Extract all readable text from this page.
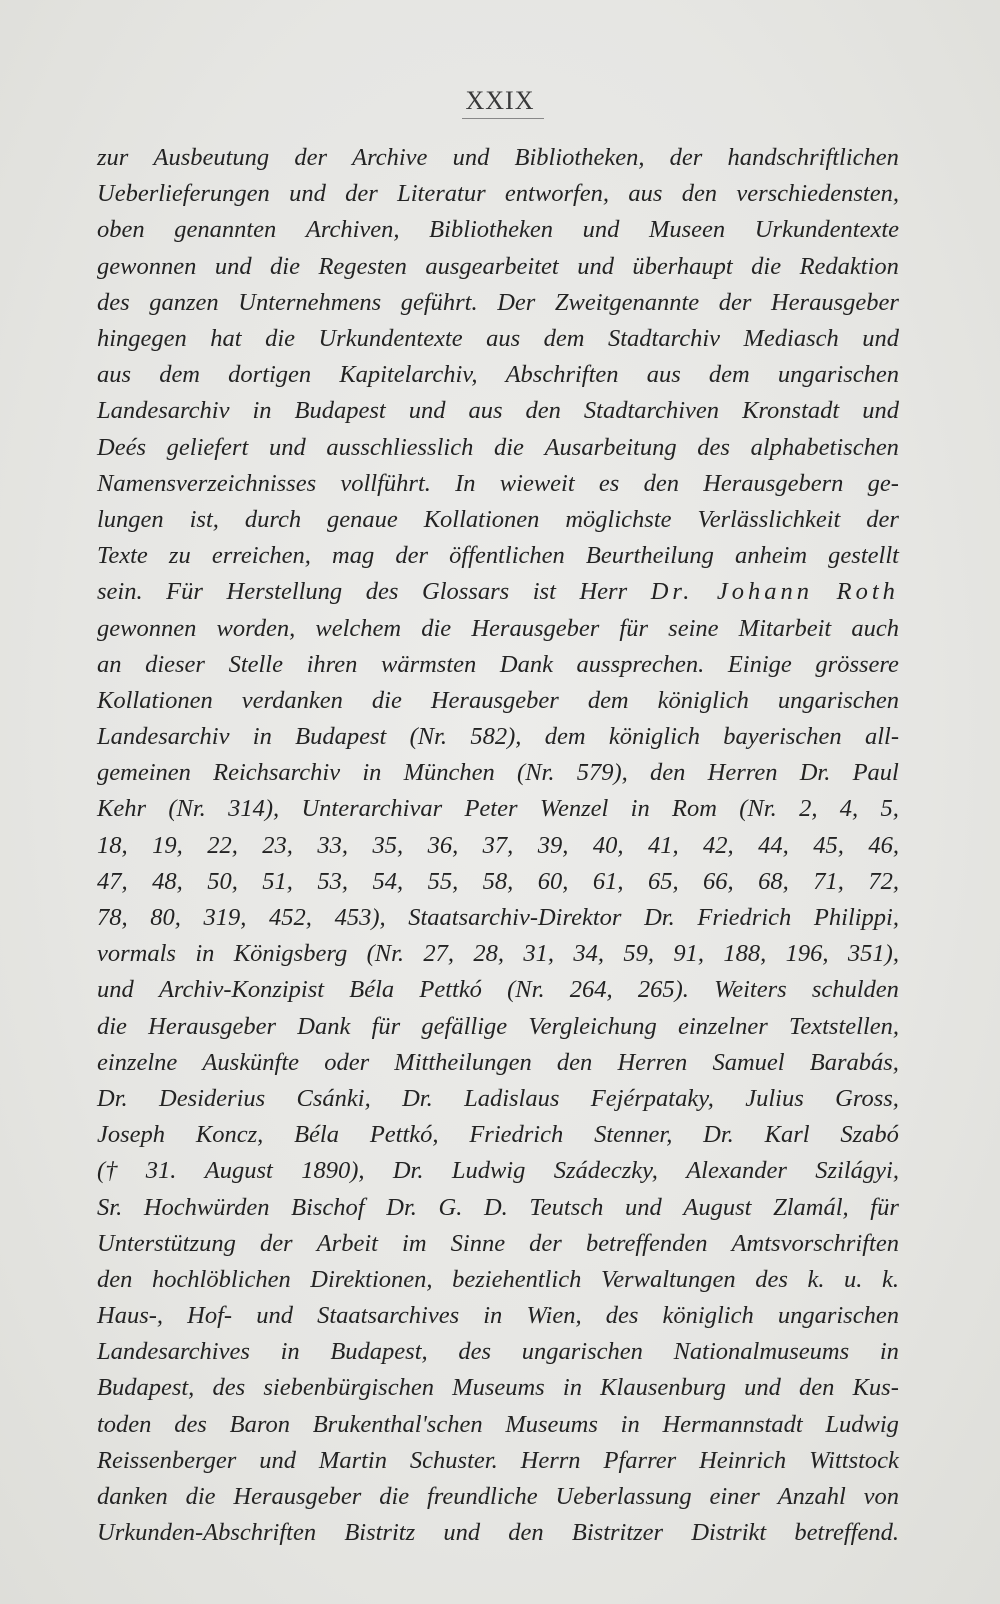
XXIX
zur Ausbeutung der Archive und Bibliotheken, der handschriftlichen
Ueberlieferungen und der Literatur entworfen, aus den verschiedensten,
oben genannten Archiven, Bibliotheken und Museen Urkundentexte
gewonnen und die Regesten ausgearbeitet und überhaupt die Redaktion
des ganzen Unternehmens geführt. Der Zweitgenannte der Herausgeber
hingegen hat die Urkundentexte aus dem Stadtarchiv Mediasch und
aus dem dortigen Kapitelarchiv, Abschriften aus dem ungarischen
Landesarchiv in Budapest und aus den Stadtarchiven Kronstadt und
Deés geliefert und ausschliesslich die Ausarbeitung des alphabetischen
Namensverzeichnisses vollführt. In wieweit es den Herausgebern ge-
lungen ist, durch genaue Kollationen möglichste Verlässlichkeit der
Texte zu erreichen, mag der öffentlichen Beurtheilung anheim gestellt
sein. Für Herstellung des Glossars ist Herr Dr. Johann Roth
gewonnen worden, welchem die Herausgeber für seine Mitarbeit auch
an dieser Stelle ihren wärmsten Dank aussprechen. Einige grössere
Kollationen verdanken die Herausgeber dem königlich ungarischen
Landesarchiv in Budapest (Nr. 582), dem königlich bayerischen all-
gemeinen Reichsarchiv in München (Nr. 579), den Herren Dr. Paul
Kehr (Nr. 314), Unterarchivar Peter Wenzel in Rom (Nr. 2, 4, 5,
18, 19, 22, 23, 33, 35, 36, 37, 39, 40, 41, 42, 44, 45, 46,
47, 48, 50, 51, 53, 54, 55, 58, 60, 61, 65, 66, 68, 71, 72,
78, 80, 319, 452, 453), Staatsarchiv-Direktor Dr. Friedrich Philippi,
vormals in Königsberg (Nr. 27, 28, 31, 34, 59, 91, 188, 196, 351),
und Archiv-Konzipist Béla Pettkó (Nr. 264, 265). Weiters schulden
die Herausgeber Dank für gefällige Vergleichung einzelner Textstellen,
einzelne Auskünfte oder Mittheilungen den Herren Samuel Barabás,
Dr. Desiderius Csánki, Dr. Ladislaus Fejérpataky, Julius Gross,
Joseph Koncz, Béla Pettkó, Friedrich Stenner, Dr. Karl Szabó
(† 31. August 1890), Dr. Ludwig Szádeczky, Alexander Szilágyi,
Sr. Hochwürden Bischof Dr. G. D. Teutsch und August Zlamál, für
Unterstützung der Arbeit im Sinne der betreffenden Amtsvorschriften
den hochlöblichen Direktionen, beziehentlich Verwaltungen des k. u. k.
Haus-, Hof- und Staatsarchives in Wien, des königlich ungarischen
Landesarchives in Budapest, des ungarischen Nationalmuseums in
Budapest, des siebenbürgischen Museums in Klausenburg und den Kus-
toden des Baron Brukenthal'schen Museums in Hermannstadt Ludwig
Reissenberger und Martin Schuster. Herrn Pfarrer Heinrich Wittstock
danken die Herausgeber die freundliche Ueberlassung einer Anzahl von
Urkunden-Abschriften Bistritz und den Bistritzer Distrikt betreffend.
